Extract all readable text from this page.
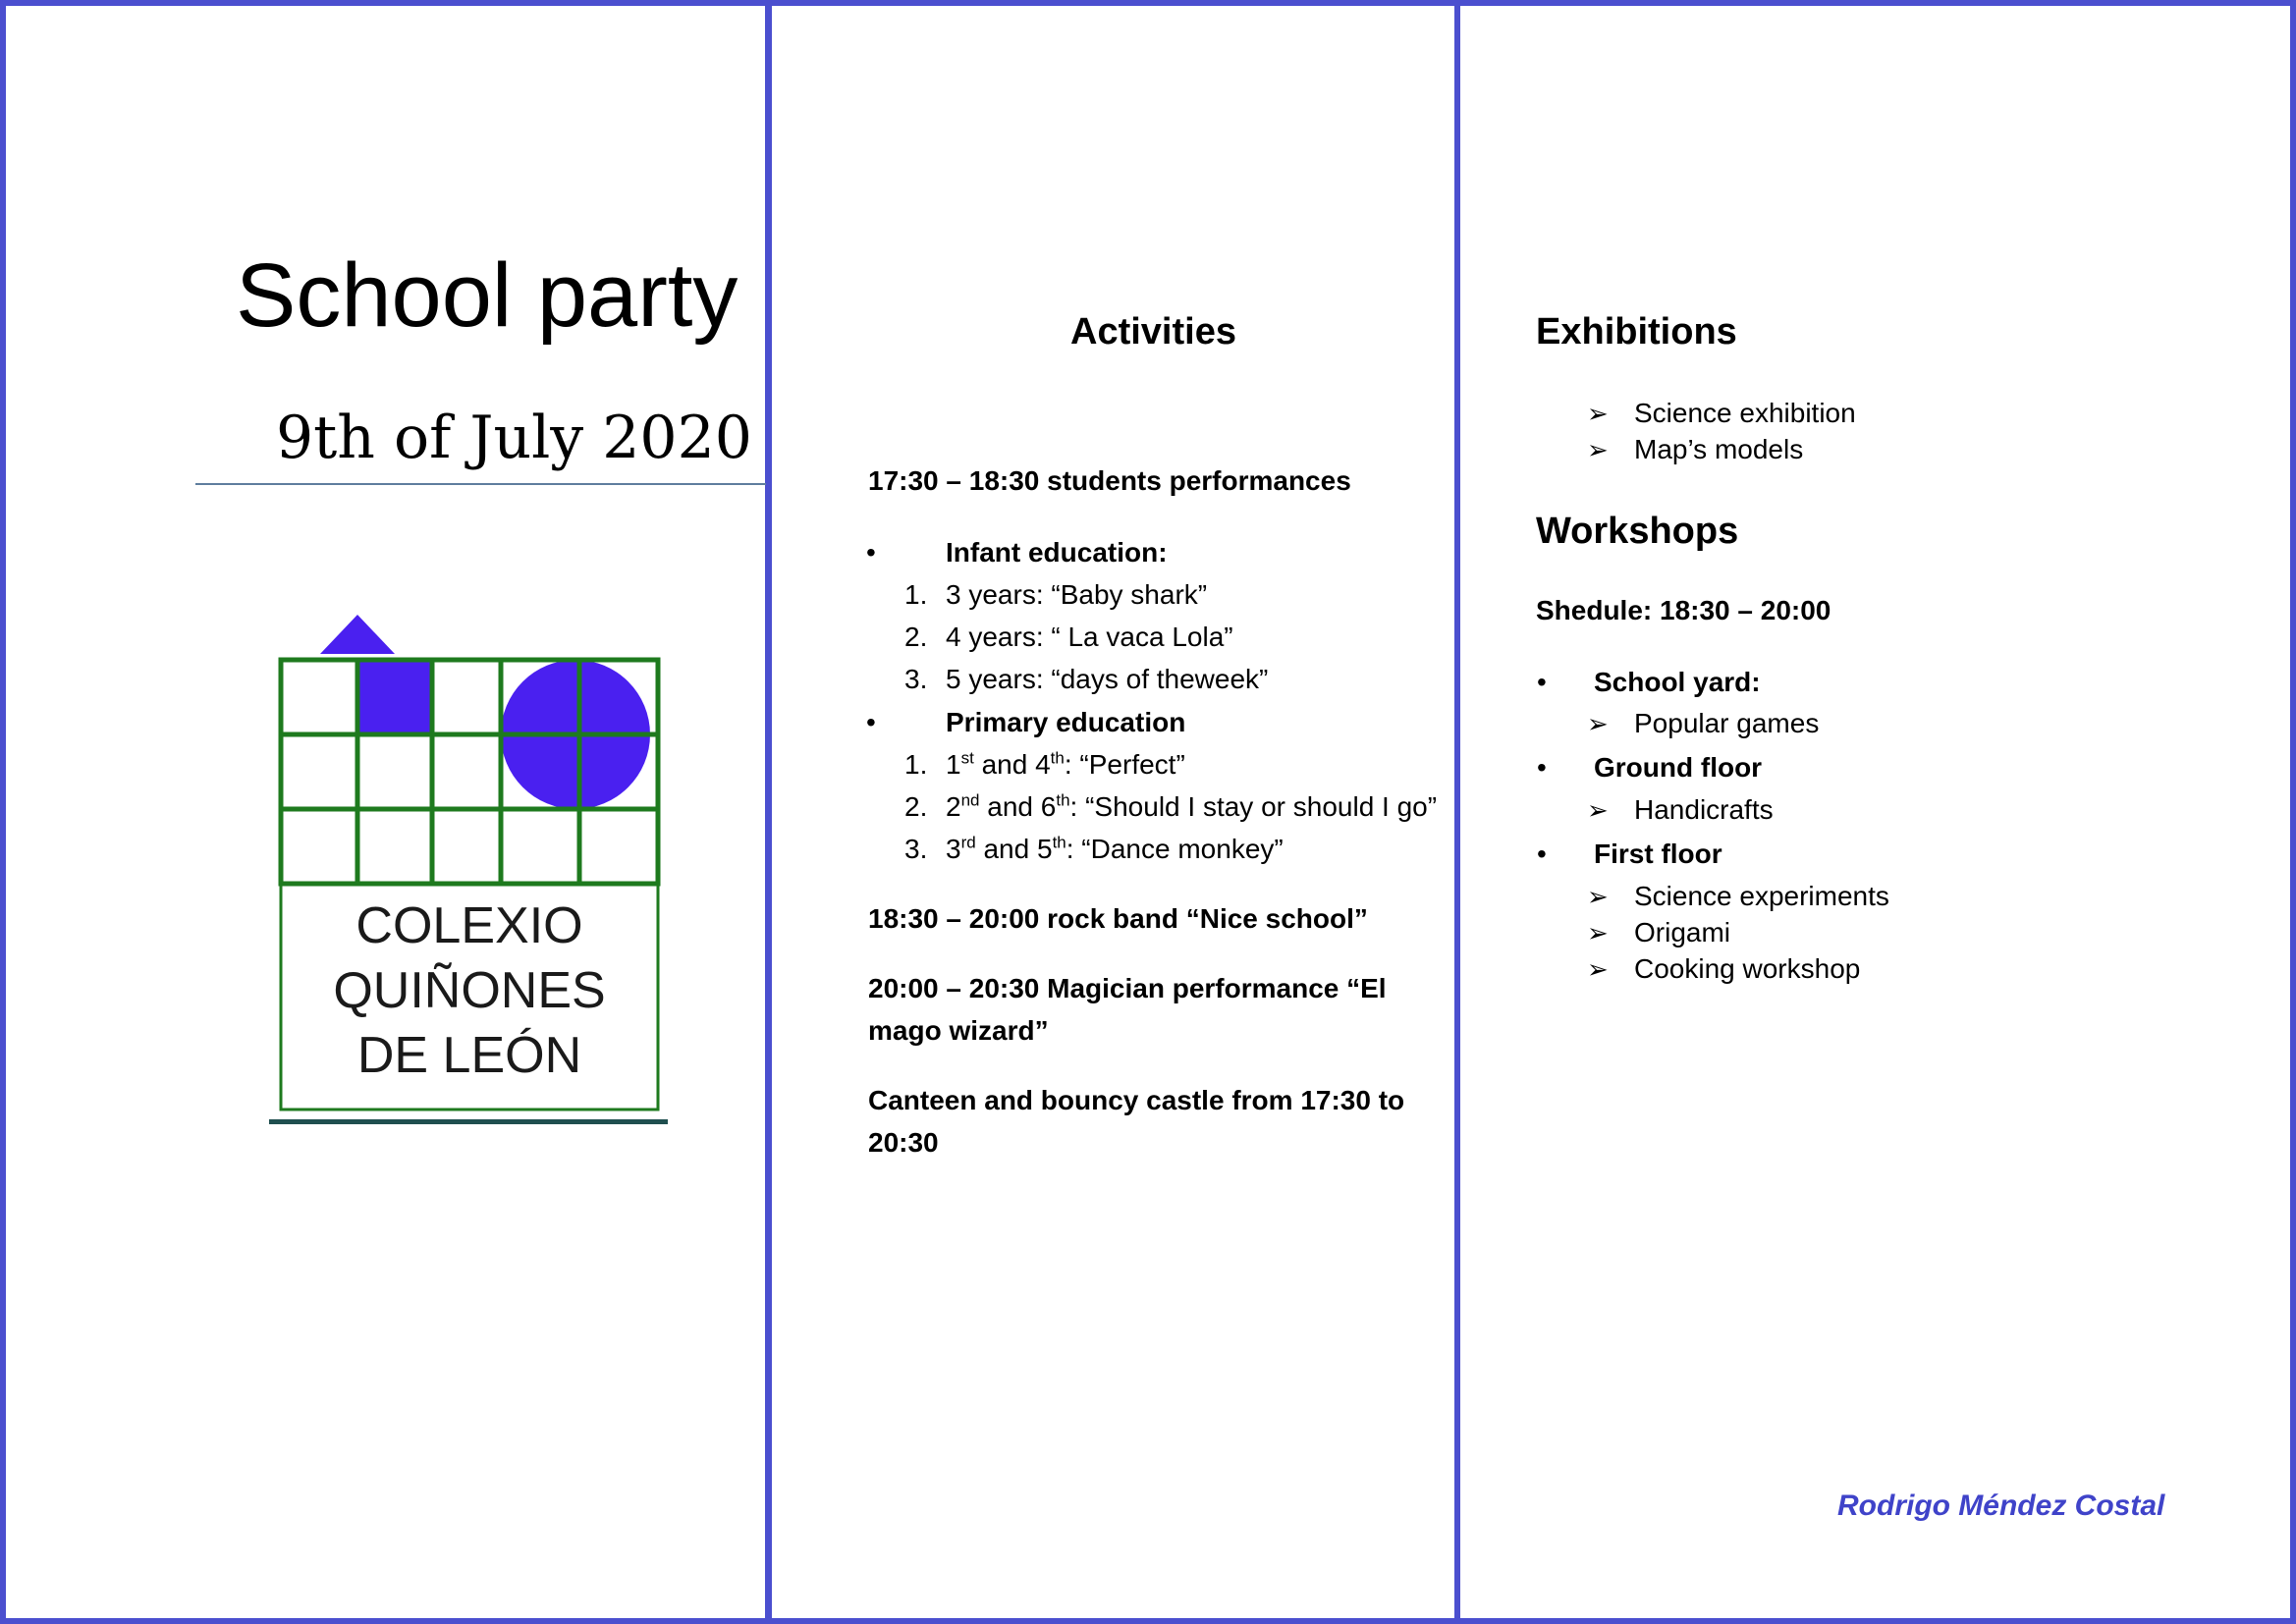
School party
9th of July 2020
COLEXIO
QUIÑONES
DE LEÓN
Activities
17:30 – 18:30 students performances
•	Infant education:
1. 3 years: “Baby shark”
2. 4 years: “ La vaca Lola”
3. 5 years: “days of theweek”
•	Primary education
1. 1st and 4th: “Perfect”
2. 2nd and 6th: “Should I stay or should I go”
3. 3rd and 5th: “Dance monkey”
18:30 – 20:00 rock band “Nice school”
20:00 – 20:30 Magician performance “El
mago wizard”
Canteen and bouncy castle from 17:30 to
20:30
Exhibitions
➢ Science exhibition
➢ Map’s models
Workshops
Shedule: 18:30 – 20:00
• School yard:
➢ Popular games
• Ground floor
➢ Handicrafts
• First floor
➢ Science experiments
➢ Origami
➢ Cooking workshop
Rodrigo Méndez Costal
